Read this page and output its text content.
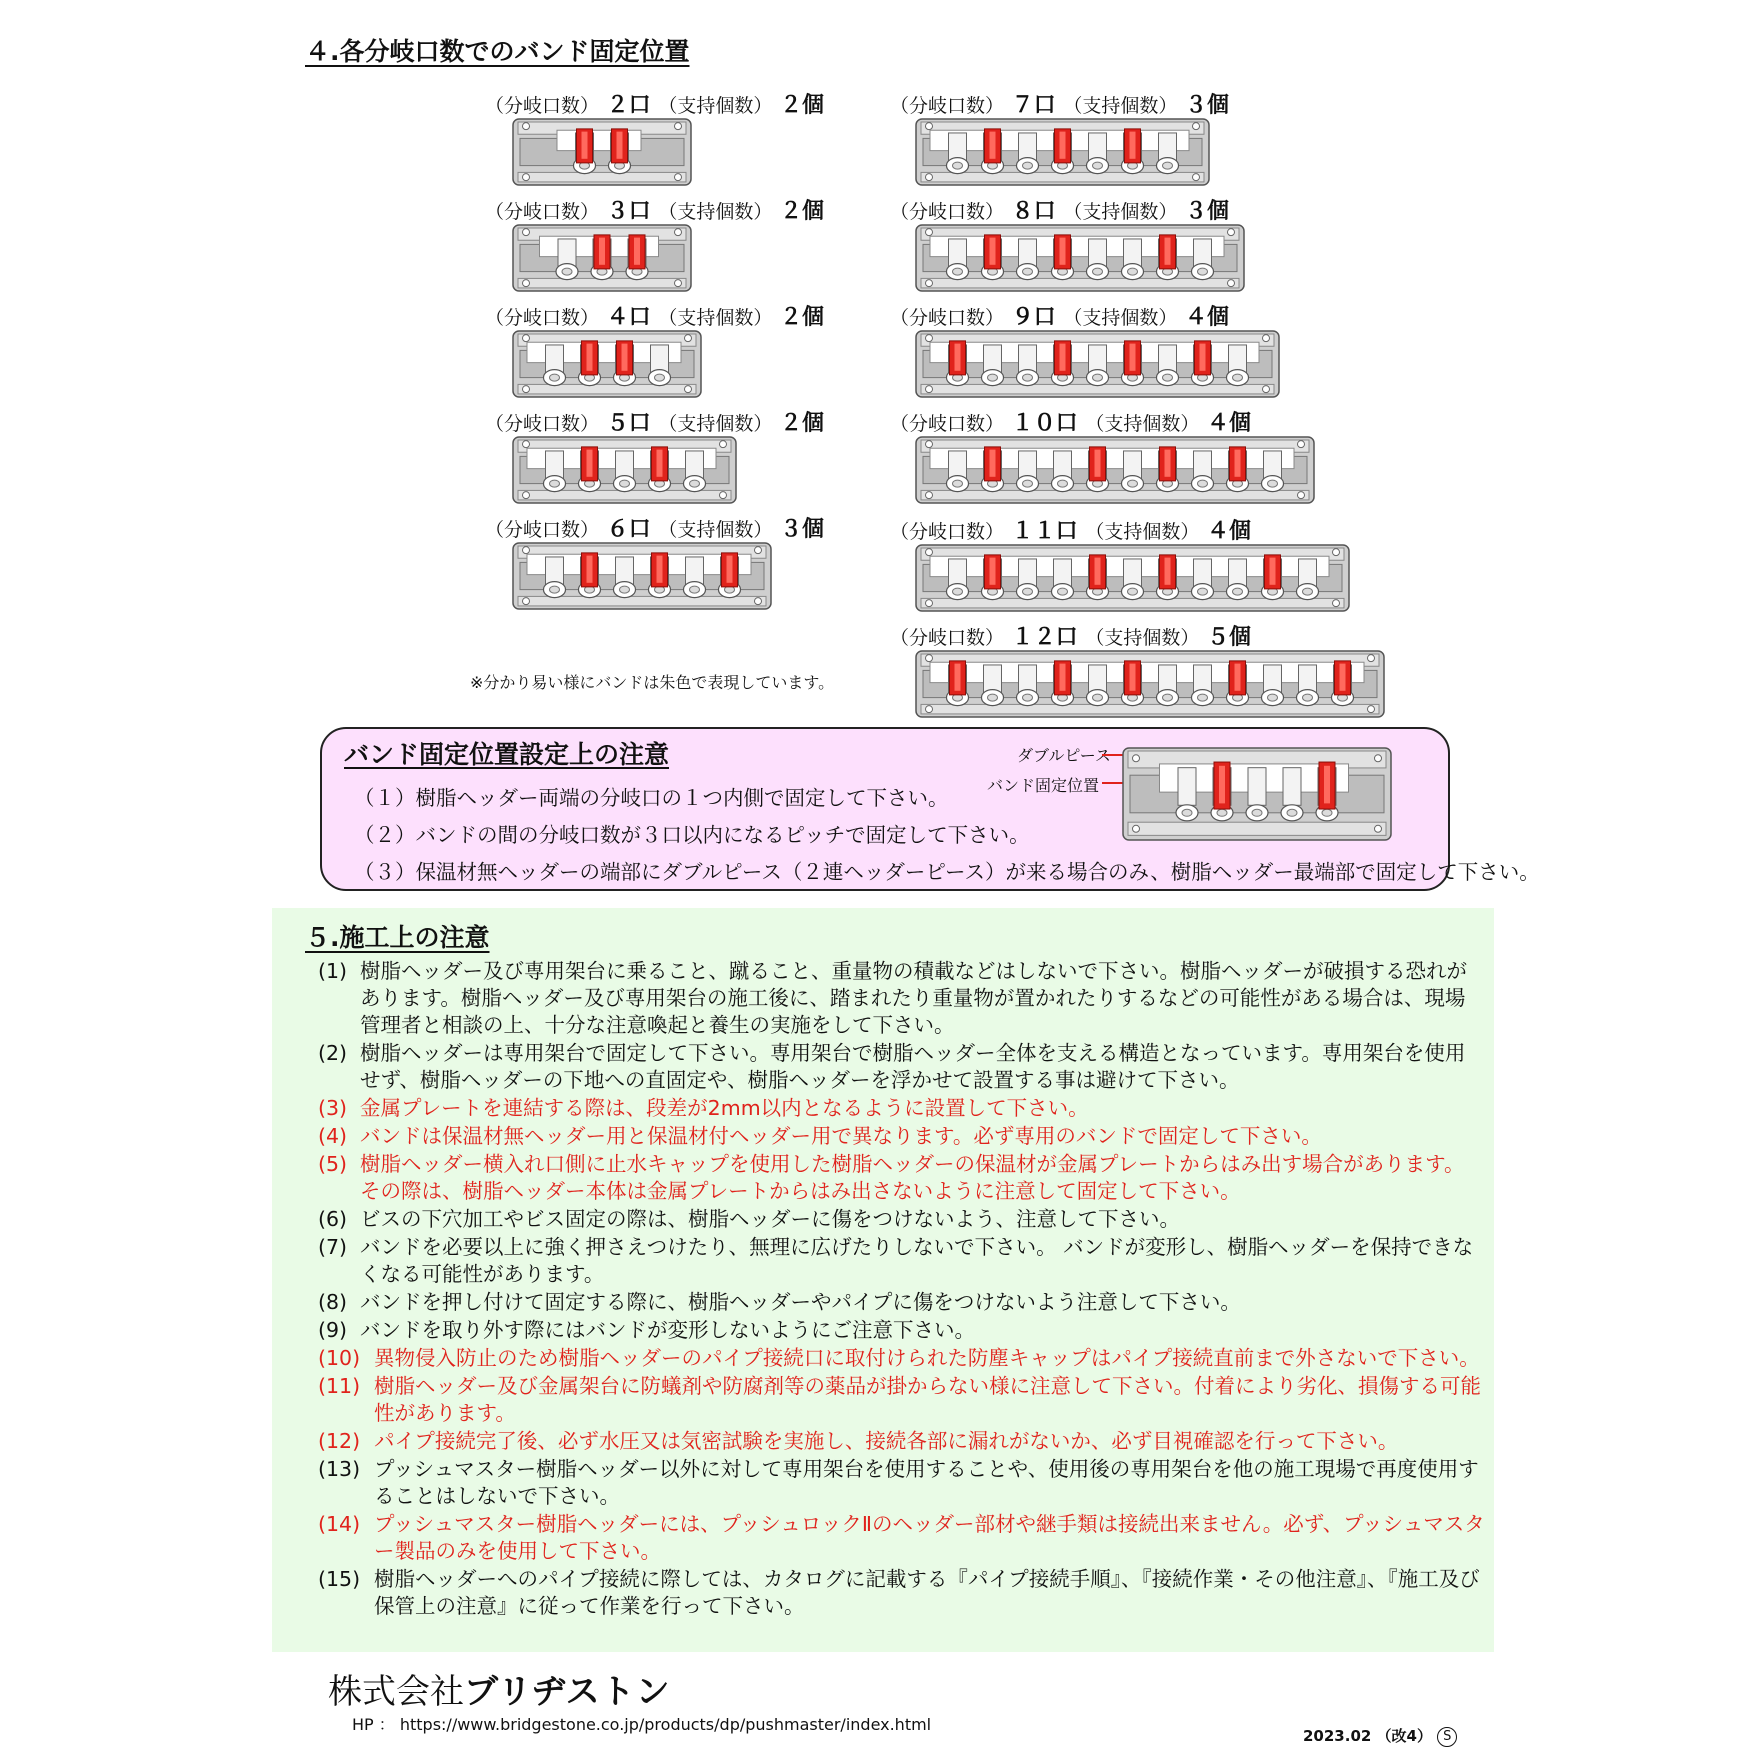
４.各分岐口数でのバンド固定位置
（分岐口数） ２口 （支持個数） ２個
（分岐口数） ３口 （支持個数） ２個
（分岐口数） ４口 （支持個数） ２個
（分岐口数） ５口 （支持個数） ２個
（分岐口数） ６口 （支持個数） ３個
（分岐口数） ７口 （支持個数） ３個
（分岐口数） ８口 （支持個数） ３個
（分岐口数） ９口 （支持個数） ４個
（分岐口数） １０口 （支持個数） ４個
（分岐口数） １１口 （支持個数） ４個
（分岐口数） １２口 （支持個数） ５個
※分かり易い様にバンドは朱色で表現しています。
バンド固定位置設定上の注意
（１）樹脂ヘッダー両端の分岐口の１つ内側で固定して下さい。
（２）バンドの間の分岐口数が３口以内になるピッチで固定して下さい。
（３）保温材無ヘッダーの端部にダブルピース（２連ヘッダーピース）が来る場合のみ、樹脂ヘッダー最端部で固定して下さい。
ダブルピース
バンド固定位置
５.施工上の注意
(1) 樹脂ヘッダー及び専用架台に乗ること、蹴ること、重量物の積載などはしないで下さい。樹脂ヘッダーが破損する恐れがあります。樹脂ヘッダー及び専用架台の施工後に、踏まれたり重量物が置かれたりするなどの可能性がある場合は、現場管理者と相談の上、十分な注意喚起と養生の実施をして下さい。
(2) 樹脂ヘッダーは専用架台で固定して下さい。専用架台で樹脂ヘッダー全体を支える構造となっています。専用架台を使用せず、樹脂ヘッダーの下地への直固定や、樹脂ヘッダーを浮かせて設置する事は避けて下さい。
(3) 金属プレートを連結する際は、段差が2mm以内となるように設置して下さい。
(4) バンドは保温材無ヘッダー用と保温材付ヘッダー用で異なります。必ず専用のバンドで固定して下さい。
(5) 樹脂ヘッダー横入れ口側に止水キャップを使用した樹脂ヘッダーの保温材が金属プレートからはみ出す場合があります。その際は、樹脂ヘッダー本体は金属プレートからはみ出さないように注意して固定して下さい。
(6) ビスの下穴加工やビス固定の際は、樹脂ヘッダーに傷をつけないよう、注意して下さい。
(7) バンドを必要以上に強く押さえつけたり、無理に広げたりしないで下さい。 バンドが変形し、樹脂ヘッダーを保持できなくなる可能性があります。
(8) バンドを押し付けて固定する際に、樹脂ヘッダーやパイプに傷をつけないよう注意して下さい。
(9) バンドを取り外す際にはバンドが変形しないようにご注意下さい。
(10) 異物侵入防止のため樹脂ヘッダーのパイプ接続口に取付けられた防塵キャップはパイプ接続直前まで外さないで下さい。
(11) 樹脂ヘッダー及び金属架台に防蟻剤や防腐剤等の薬品が掛からない様に注意して下さい。付着により劣化、損傷する可能性があります。
(12) パイプ接続完了後、必ず水圧又は気密試験を実施し、接続各部に漏れがないか、必ず目視確認を行って下さい。
(13) プッシュマスター樹脂ヘッダー以外に対して専用架台を使用することや、使用後の専用架台を他の施工現場で再度使用することはしないで下さい。
(14) プッシュマスター樹脂ヘッダーには、プッシュロックⅡのヘッダー部材や継手類は接続出来ません。必ず、プッシュマスター製品のみを使用して下さい。
(15) 樹脂ヘッダーへのパイプ接続に際しては、カタログに記載する『パイプ接続手順』、『接続作業・その他注意』、『施工及び保管上の注意』に従って作業を行って下さい。
株式会社ブリヂストン
HP ： https://www.bridgestone.co.jp/products/dp/pushmaster/index.html
2023.02 （改4） S
